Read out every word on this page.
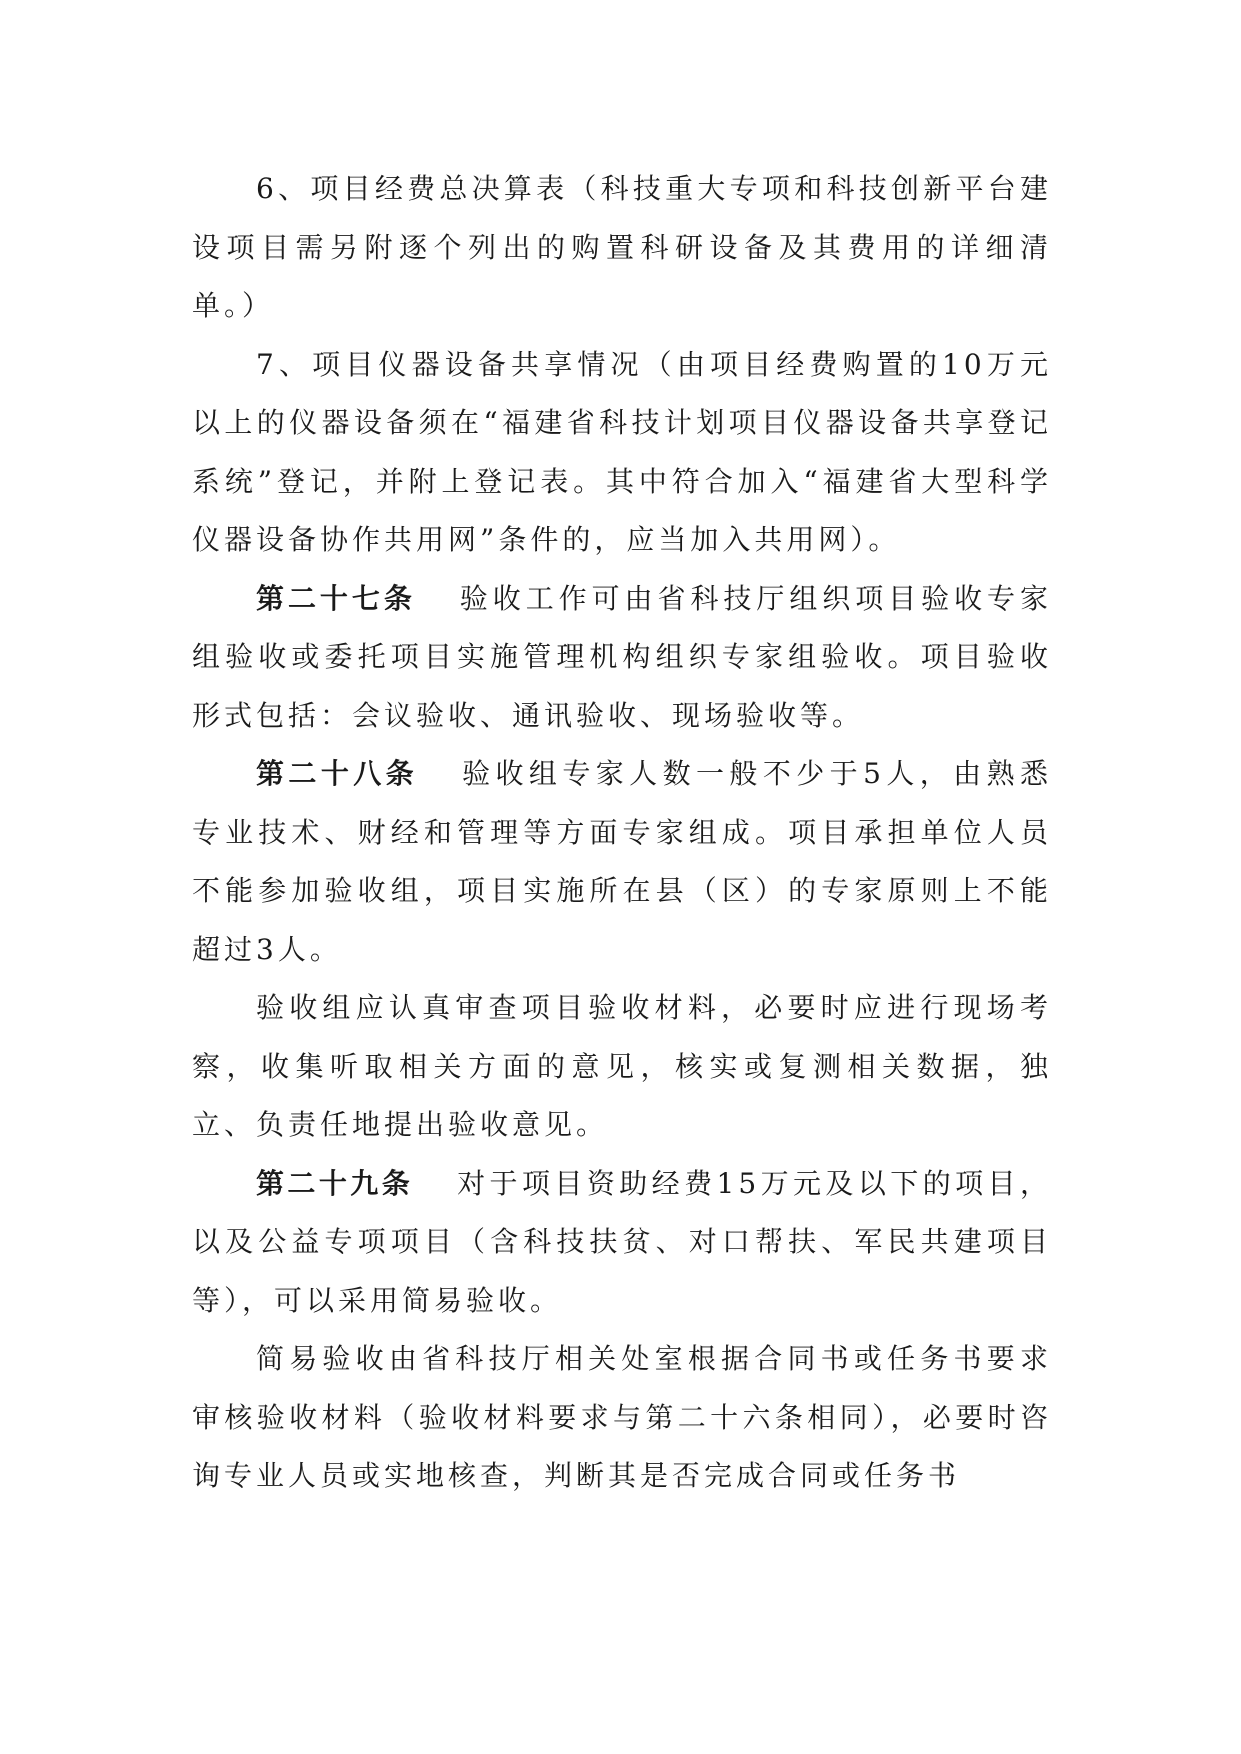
6、项目经费总决算表（科技重大专项和科技创新平台建设项目需另附逐个列出的购置科研设备及其费用的详细清单。）

7、项目仪器设备共享情况（由项目经费购置的10万元以上的仪器设备须在“福建省科技计划项目仪器设备共享登记系统”登记，并附上登记表。其中符合加入“福建省大型科学仪器设备协作共用网”条件的，应当加入共用网）。

第二十七条 验收工作可由省科技厅组织项目验收专家组验收或委托项目实施管理机构组织专家组验收。项目验收形式包括：会议验收、通讯验收、现场验收等。

第二十八条 验收组专家人数一般不少于5人，由熟悉专业技术、财经和管理等方面专家组成。项目承担单位人员不能参加验收组，项目实施所在县（区）的专家原则上不能超过3人。

验收组应认真审查项目验收材料，必要时应进行现场考察，收集听取相关方面的意见，核实或复测相关数据，独立、负责任地提出验收意见。

第二十九条 对于项目资助经费15万元及以下的项目，以及公益专项项目（含科技扶贫、对口帮扶、军民共建项目等），可以采用简易验收。

简易验收由省科技厅相关处室根据合同书或任务书要求审核验收材料（验收材料要求与第二十六条相同），必要时咨询专业人员或实地核查，判断其是否完成合同或任务书
